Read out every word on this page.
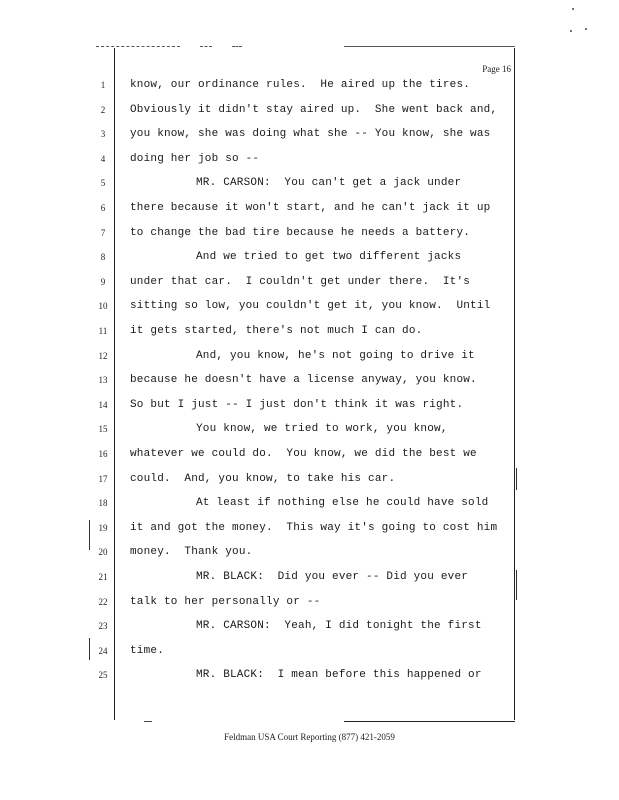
Page 16
1	know, our ordinance rules.  He aired up the tires.
2	Obviously it didn't stay aired up.  She went back and,
3	you know, she was doing what she -- You know, she was
4	doing her job so --
5	MR. CARSON:  You can't get a jack under
6	there because it won't start, and he can't jack it up
7	to change the bad tire because he needs a battery.
8	And we tried to get two different jacks
9	under that car.  I couldn't get under there.  It's
10	sitting so low, you couldn't get it, you know.  Until
11	it gets started, there's not much I can do.
12	And, you know, he's not going to drive it
13	because he doesn't have a license anyway, you know.
14	So but I just -- I just don't think it was right.
15	You know, we tried to work, you know,
16	whatever we could do.  You know, we did the best we
17	could.  And, you know, to take his car.
18	At least if nothing else he could have sold
19	it and got the money.  This way it's going to cost him
20	money.  Thank you.
21	MR. BLACK:  Did you ever -- Did you ever
22	talk to her personally or --
23	MR. CARSON:  Yeah, I did tonight the first
24	time.
25	MR. BLACK:  I mean before this happened or
Feldman USA Court Reporting (877) 421-2059
